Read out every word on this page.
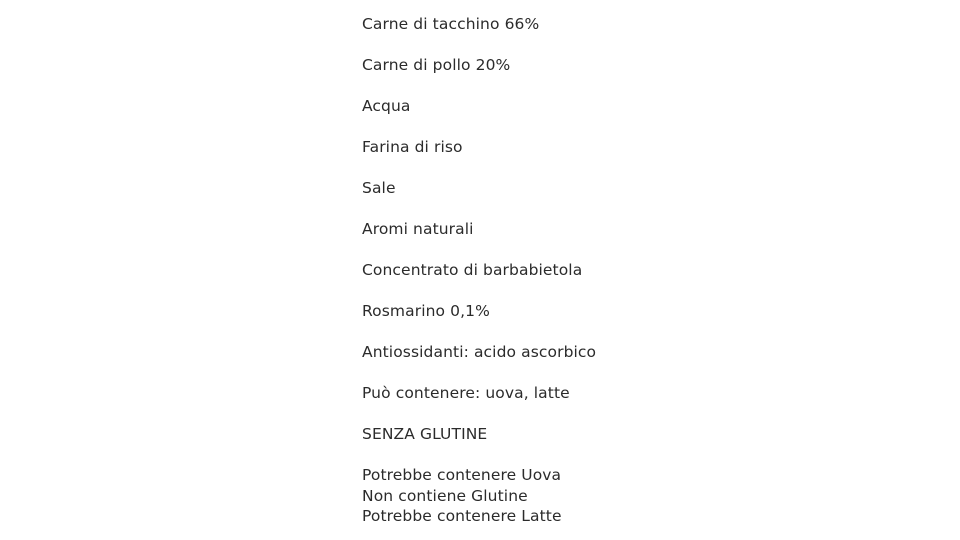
Carne di tacchino 66%
Carne di pollo 20%
Acqua
Farina di riso
Sale
Aromi naturali
Concentrato di barbabietola
Rosmarino 0,1%
Antiossidanti: acido ascorbico
Può contenere: uova, latte
SENZA GLUTINE
Potrebbe contenere Uova
Non contiene Glutine
Potrebbe contenere Latte
